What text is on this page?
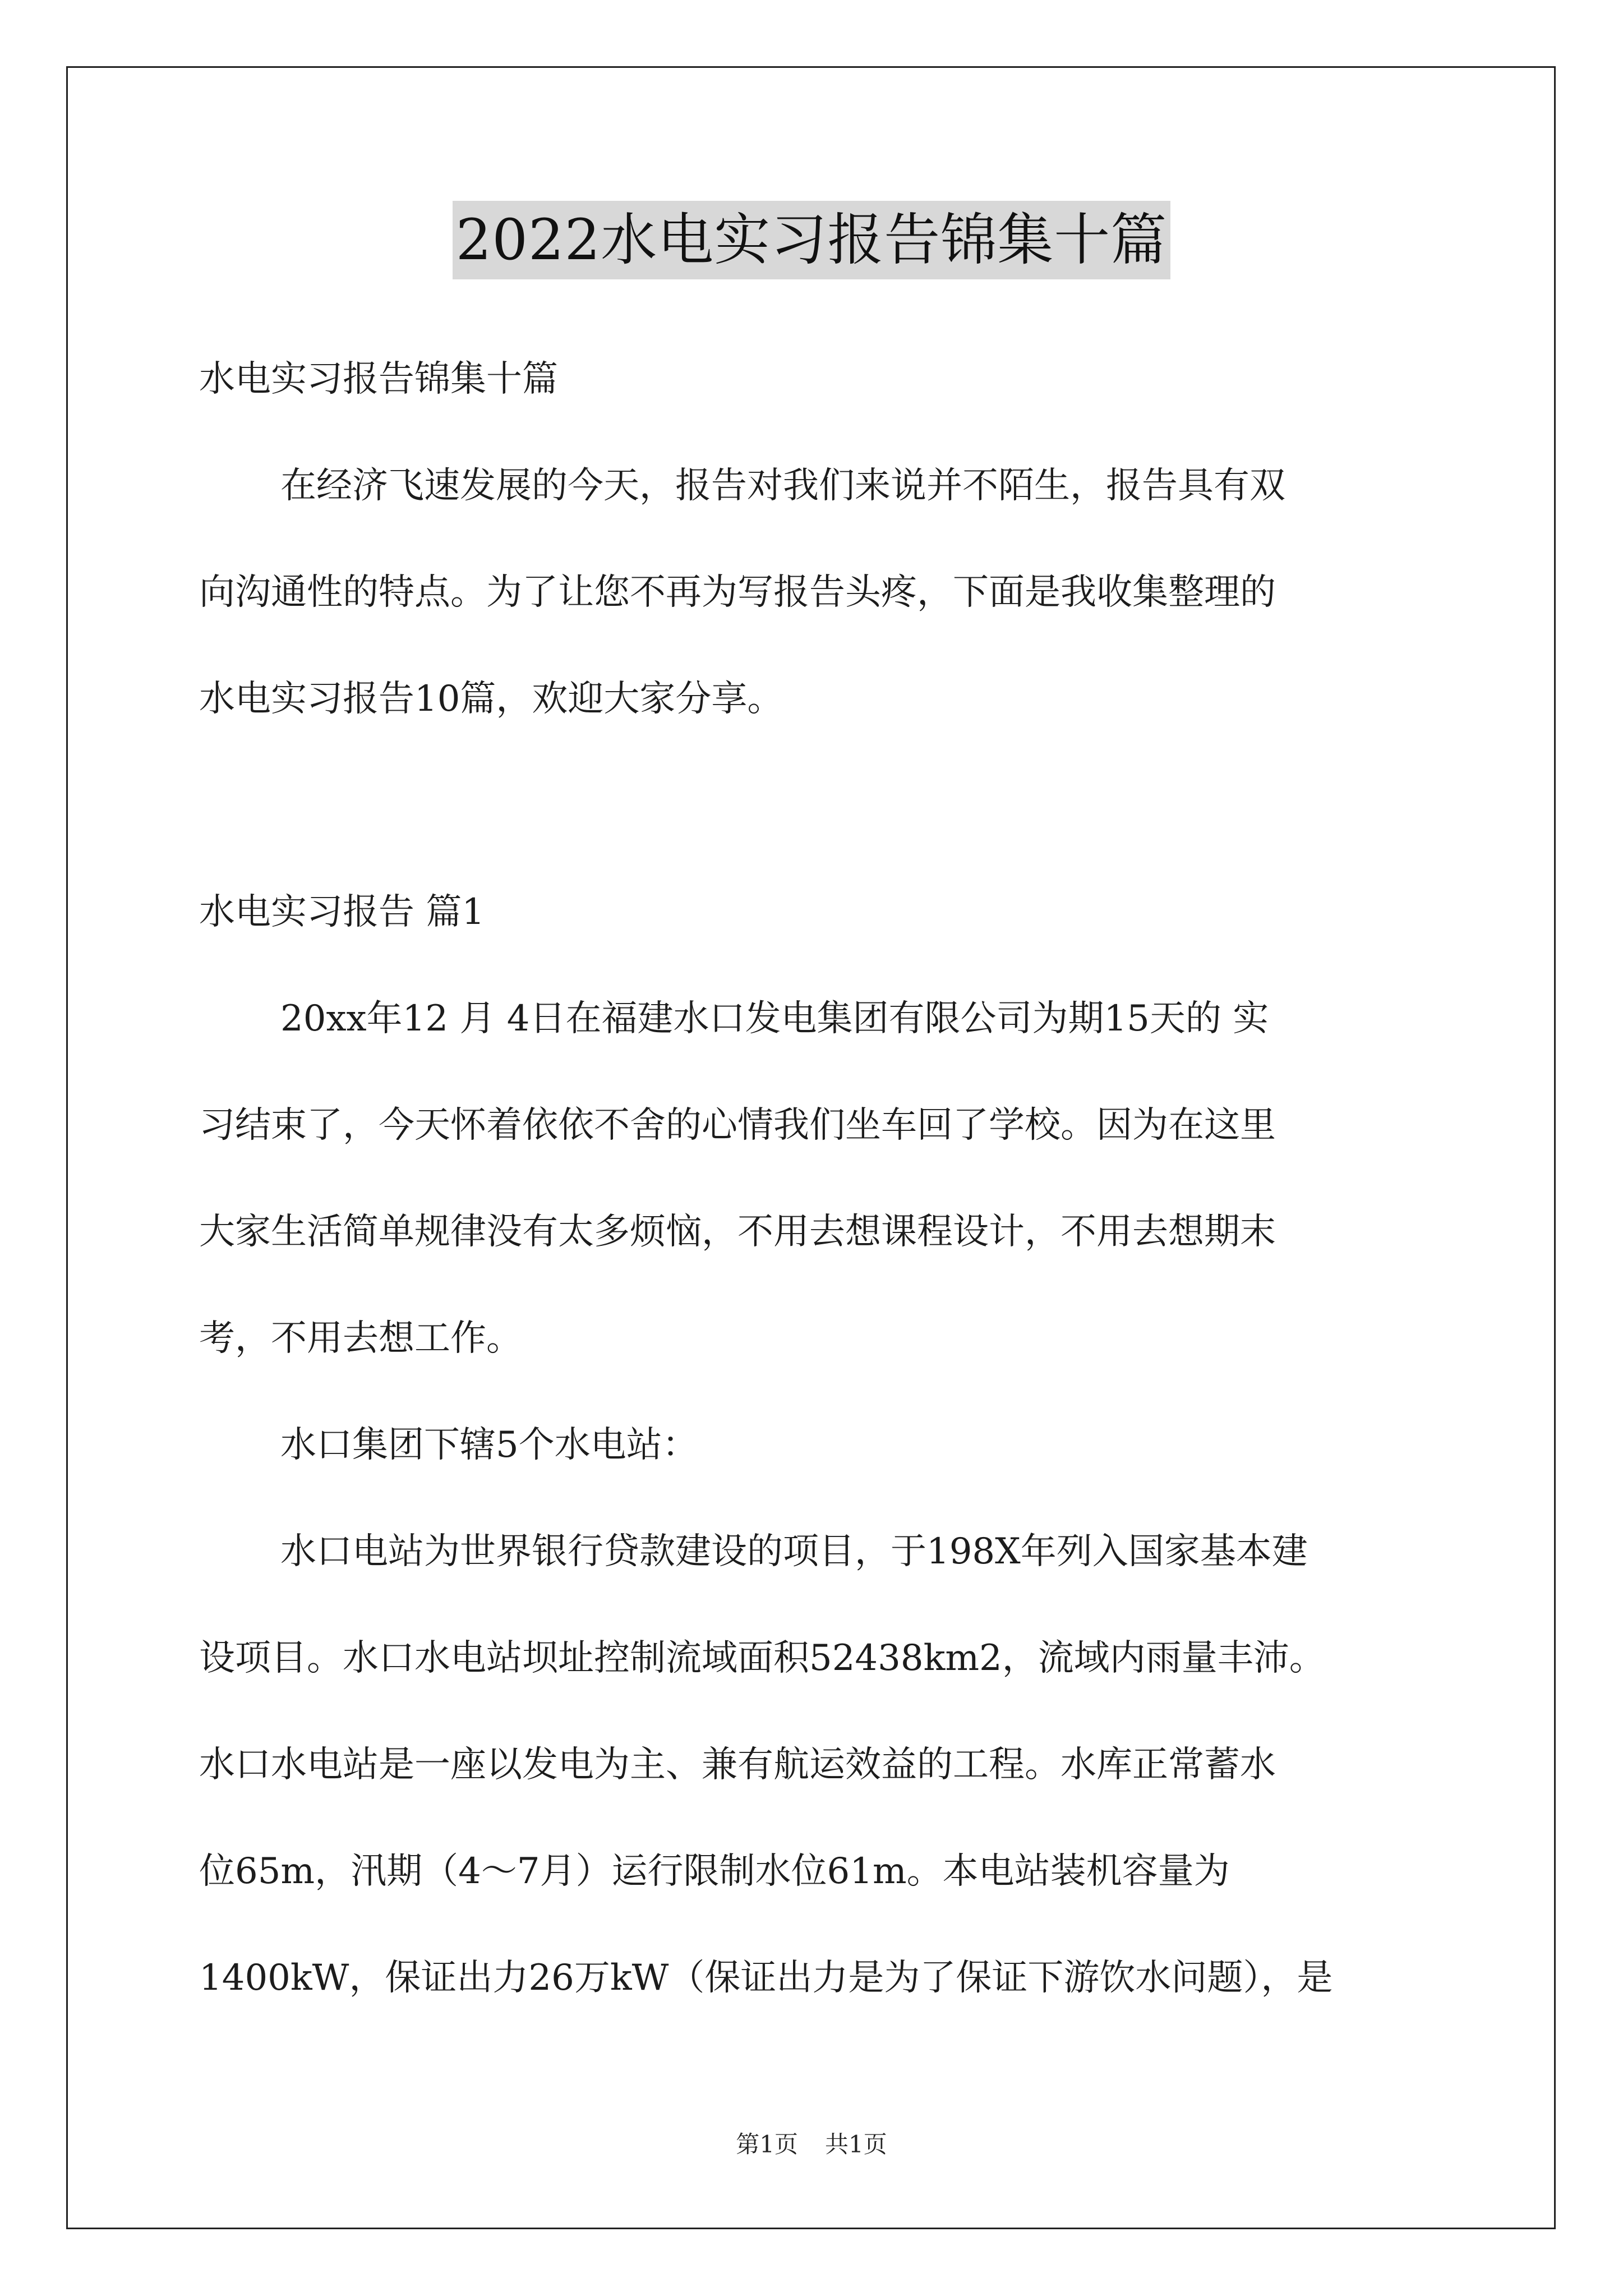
2022水电实习报告锦集十篇
水电实习报告锦集十篇
在经济飞速发展的今天，报告对我们来说并不陌生，报告具有双
向沟通性的特点。为了让您不再为写报告头疼，下面是我收集整理的
水电实习报告10篇，欢迎大家分享。
水电实习报告 篇1
20xx年12 月 4日在福建水口发电集团有限公司为期15天的 实
习结束了，今天怀着依依不舍的心情我们坐车回了学校。因为在这里
大家生活简单规律没有太多烦恼，不用去想课程设计，不用去想期末
考，不用去想工作。
水口集团下辖5个水电站：
水口电站为世界银行贷款建设的项目，于198X年列入国家基本建
设项目。水口水电站坝址控制流域面积52438km2，流域内雨量丰沛。
水口水电站是一座以发电为主、兼有航运效益的工程。水库正常蓄水
位65m，汛期（4～7月）运行限制水位61m。本电站装机容量为
1400kW，保证出力26万kW（保证出力是为了保证下游饮水问题），是
第1页 共1页
